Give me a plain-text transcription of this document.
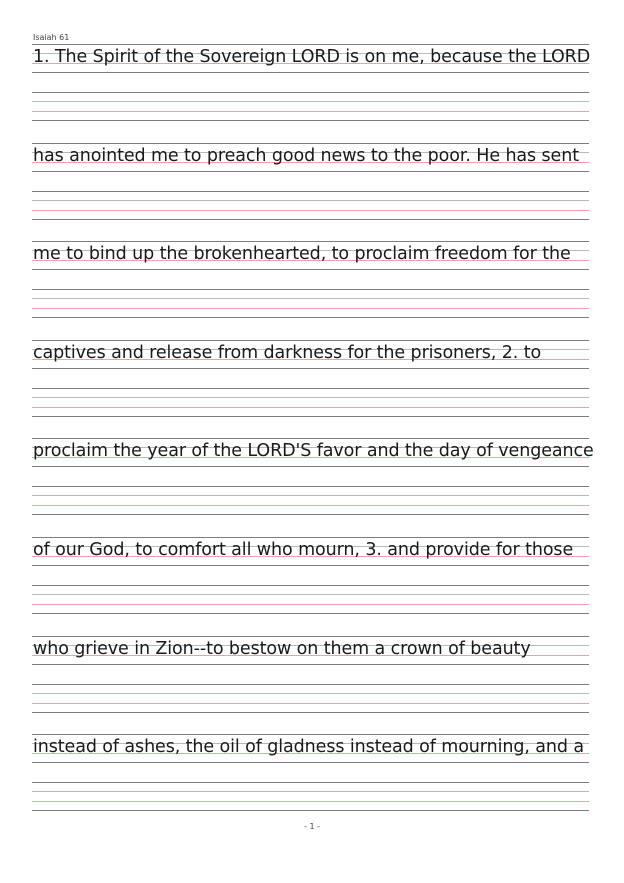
Isaiah 61
1. The Spirit of the Sovereign LORD is on me, because the LORD
has anointed me to preach good news to the poor. He has sent
me to bind up the brokenhearted, to proclaim freedom for the
captives and release from darkness for the prisoners, 2. to
proclaim the year of the LORD'S favor and the day of vengeance
of our God, to comfort all who mourn, 3. and provide for those
who grieve in Zion--to bestow on them a crown of beauty
instead of ashes, the oil of gladness instead of mourning, and a
- 1 -
